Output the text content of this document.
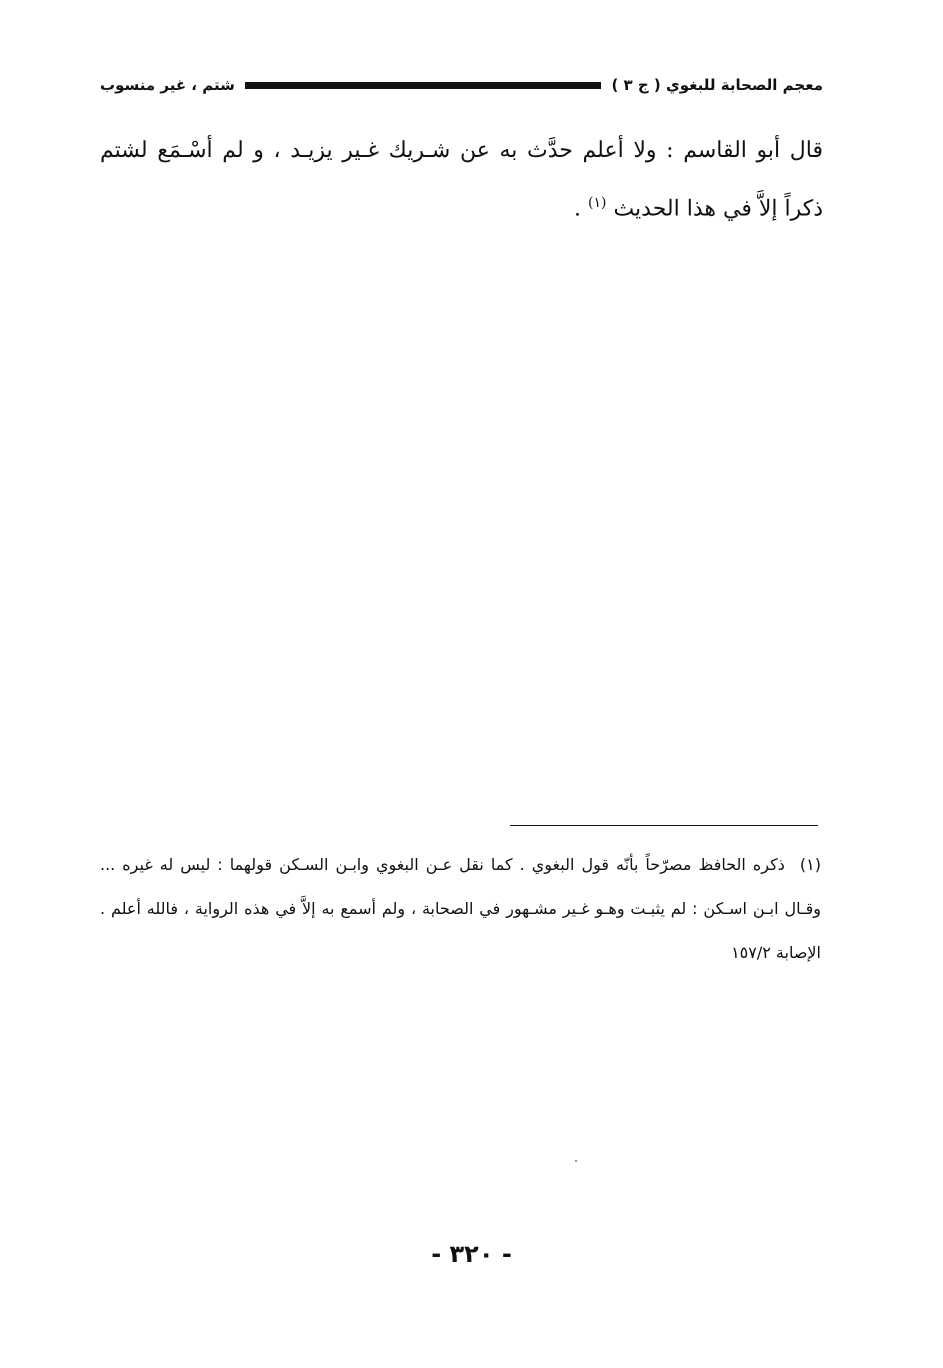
معجم الصحابة للبغوي ( ج ٣ )
شتم ، غير منسوب
قال أبو القاسم : ولا أعلم حدَّث به عن شـريك غـير يزيـد ، و لم أسْـمَع لشتم ذكراً إلاَّ في هذا الحديث $^{(١)}$ .
(١) ذكره الحافظ مصرّحاً بأنّه قول البغوي . كما نقل عـن البغوي وابـن السـكن قولهما : ليس له غيره ... وقـال ابـن اسـكن : لم يثبـت وهـو غـير مشـهور في الصحابة ، ولم أسمع به إلاَّ في هذه الرواية ، فالله أعلم . الإصابة ١٥٧/٢
- ٣٢٠ -
